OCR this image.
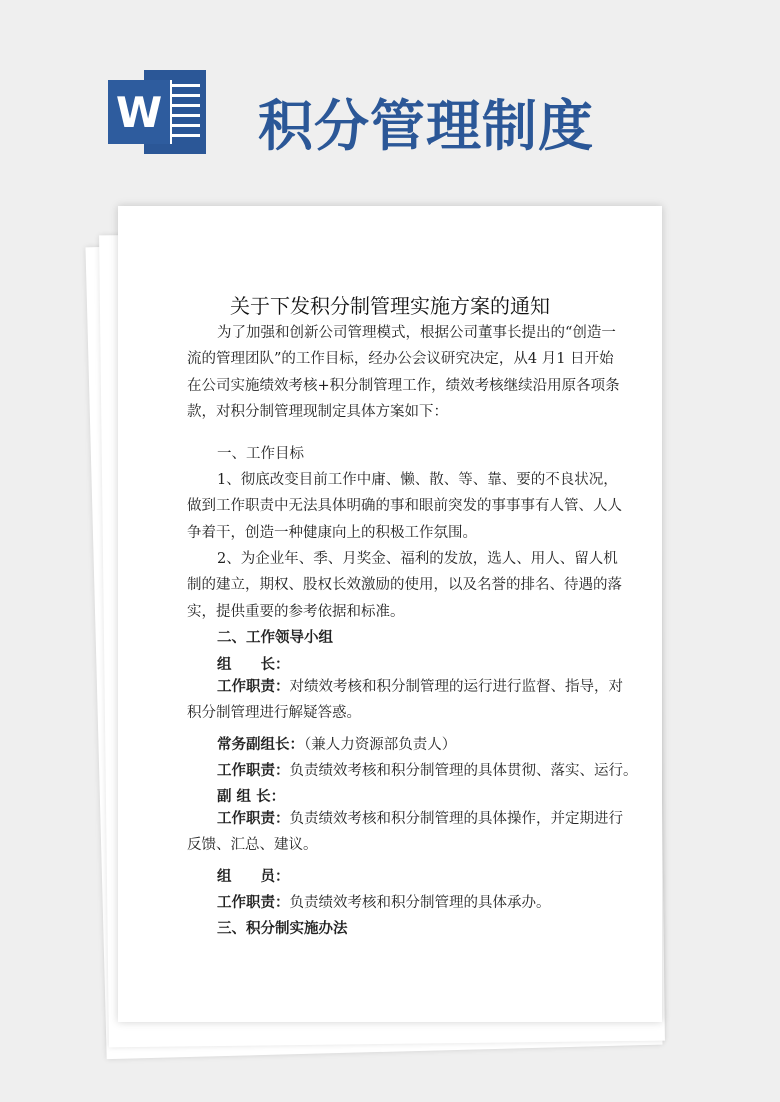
W 积分管理制度
关于下发积分制管理实施方案的通知
为了加强和创新公司管理模式，根据公司董事长提出的“创造一流的管理团队”的工作目标，经办公会议研究决定，从4 月1 日开始在公司实施绩效考核+积分制管理工作，绩效考核继续沿用原各项条款，对积分制管理现制定具体方案如下：
一、工作目标
1、彻底改变目前工作中庸、懒、散、等、靠、要的不良状况，做到工作职责中无法具体明确的事和眼前突发的事事事有人管、人人争着干，创造一种健康向上的积极工作氛围。
2、为企业年、季、月奖金、福利的发放，选人、用人、留人机制的建立，期权、股权长效激励的使用，以及名誉的排名、待遇的落实，提供重要的参考依据和标准。
二、工作领导小组
组　　长：
工作职责：对绩效考核和积分制管理的运行进行监督、指导，对积分制管理进行解疑答惑。
常务副组长：（兼人力资源部负责人）
工作职责：负责绩效考核和积分制管理的具体贯彻、落实、运行。
副 组 长：
工作职责：负责绩效考核和积分制管理的具体操作，并定期进行反馈、汇总、建议。
组　　员：
工作职责：负责绩效考核和积分制管理的具体承办。
三、积分制实施办法
